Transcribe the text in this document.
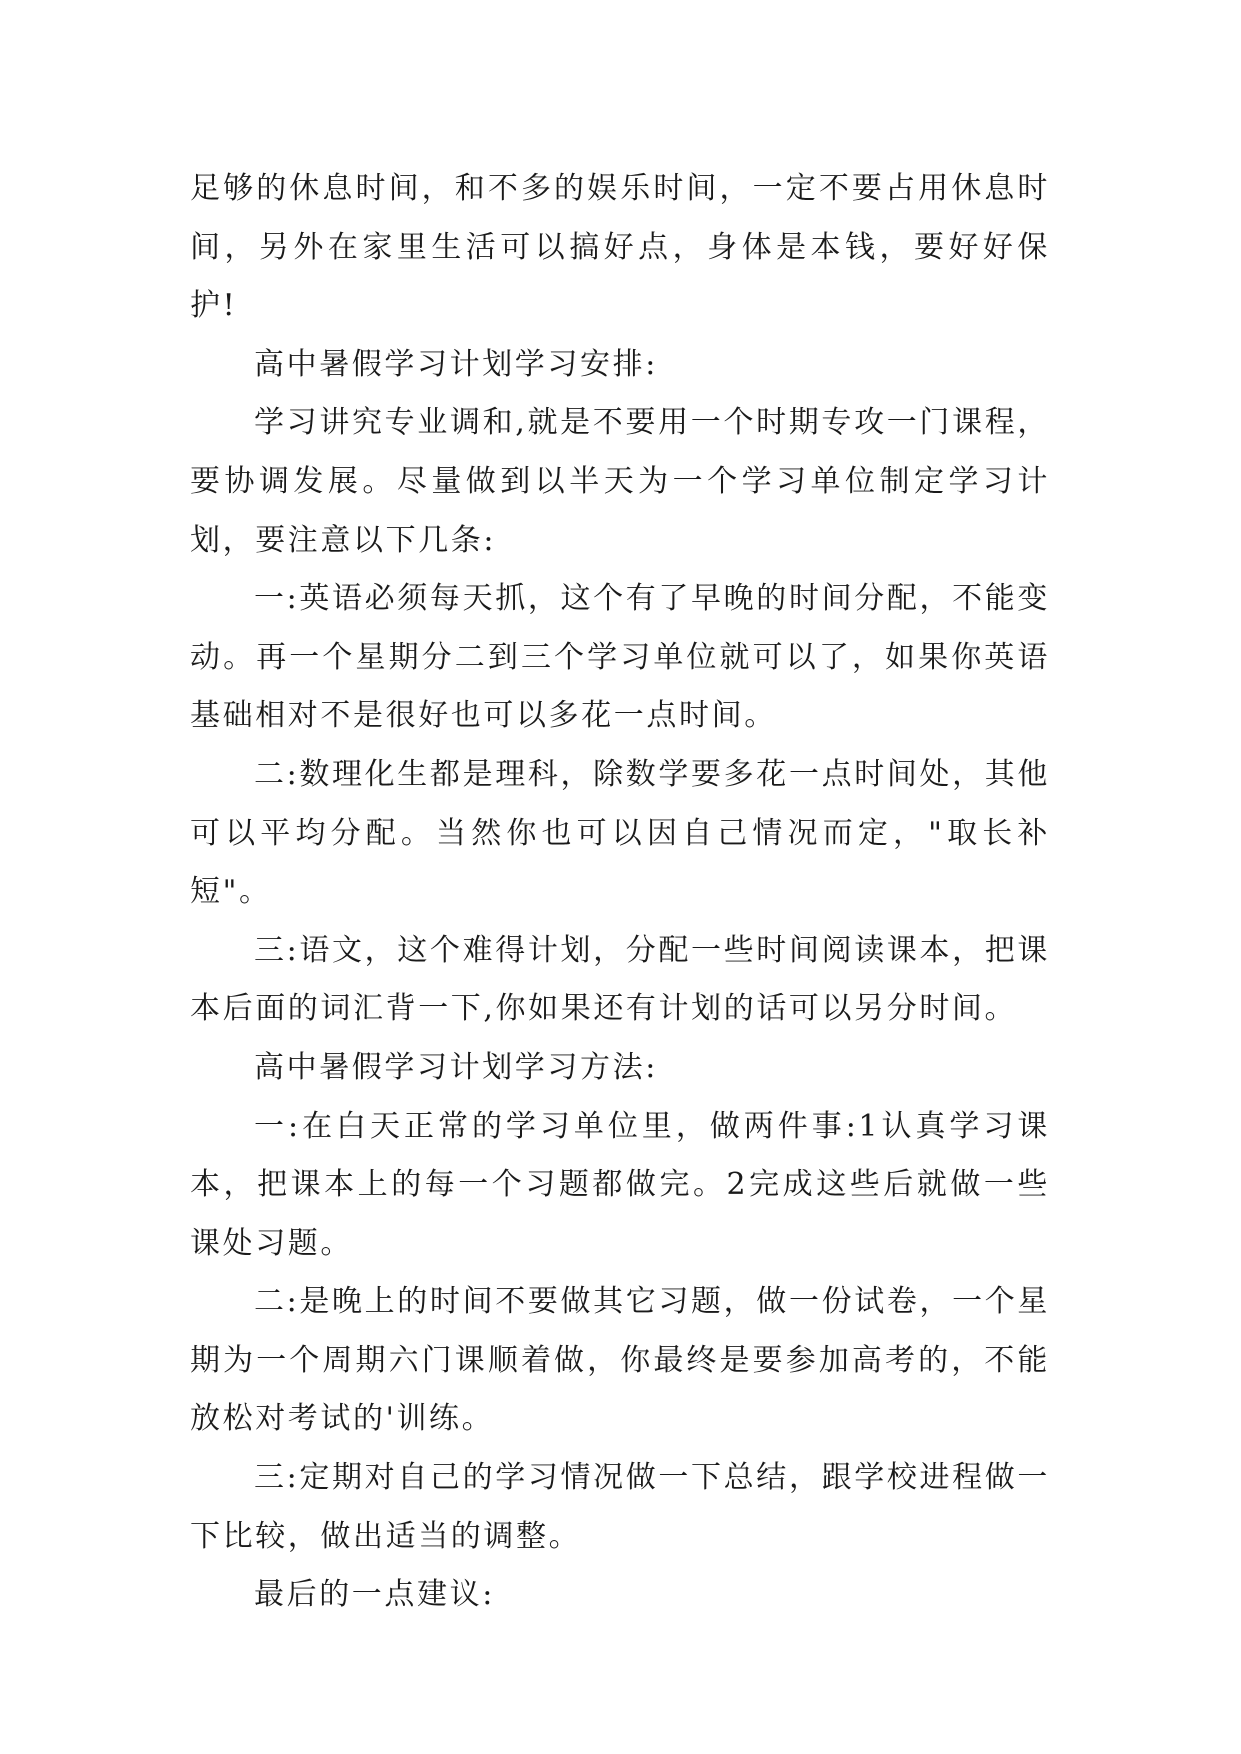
足够的休息时间，和不多的娱乐时间，一定不要占用休息时间，另外在家里生活可以搞好点，身体是本钱，要好好保护!

高中暑假学习计划学习安排:

学习讲究专业调和,就是不要用一个时期专攻一门课程，要协调发展。尽量做到以半天为一个学习单位制定学习计划，要注意以下几条:

一:英语必须每天抓，这个有了早晚的时间分配，不能变动。再一个星期分二到三个学习单位就可以了，如果你英语基础相对不是很好也可以多花一点时间。

二:数理化生都是理科，除数学要多花一点时间处，其他可以平均分配。当然你也可以因自己情况而定，"取长补短"。

三:语文，这个难得计划，分配一些时间阅读课本，把课本后面的词汇背一下,你如果还有计划的话可以另分时间。

高中暑假学习计划学习方法:

一:在白天正常的学习单位里，做两件事:1认真学习课本，把课本上的每一个习题都做完。2完成这些后就做一些课处习题。

二:是晚上的时间不要做其它习题，做一份试卷，一个星期为一个周期六门课顺着做，你最终是要参加高考的，不能放松对考试的'训练。

三:定期对自己的学习情况做一下总结，跟学校进程做一下比较，做出适当的调整。

最后的一点建议:
